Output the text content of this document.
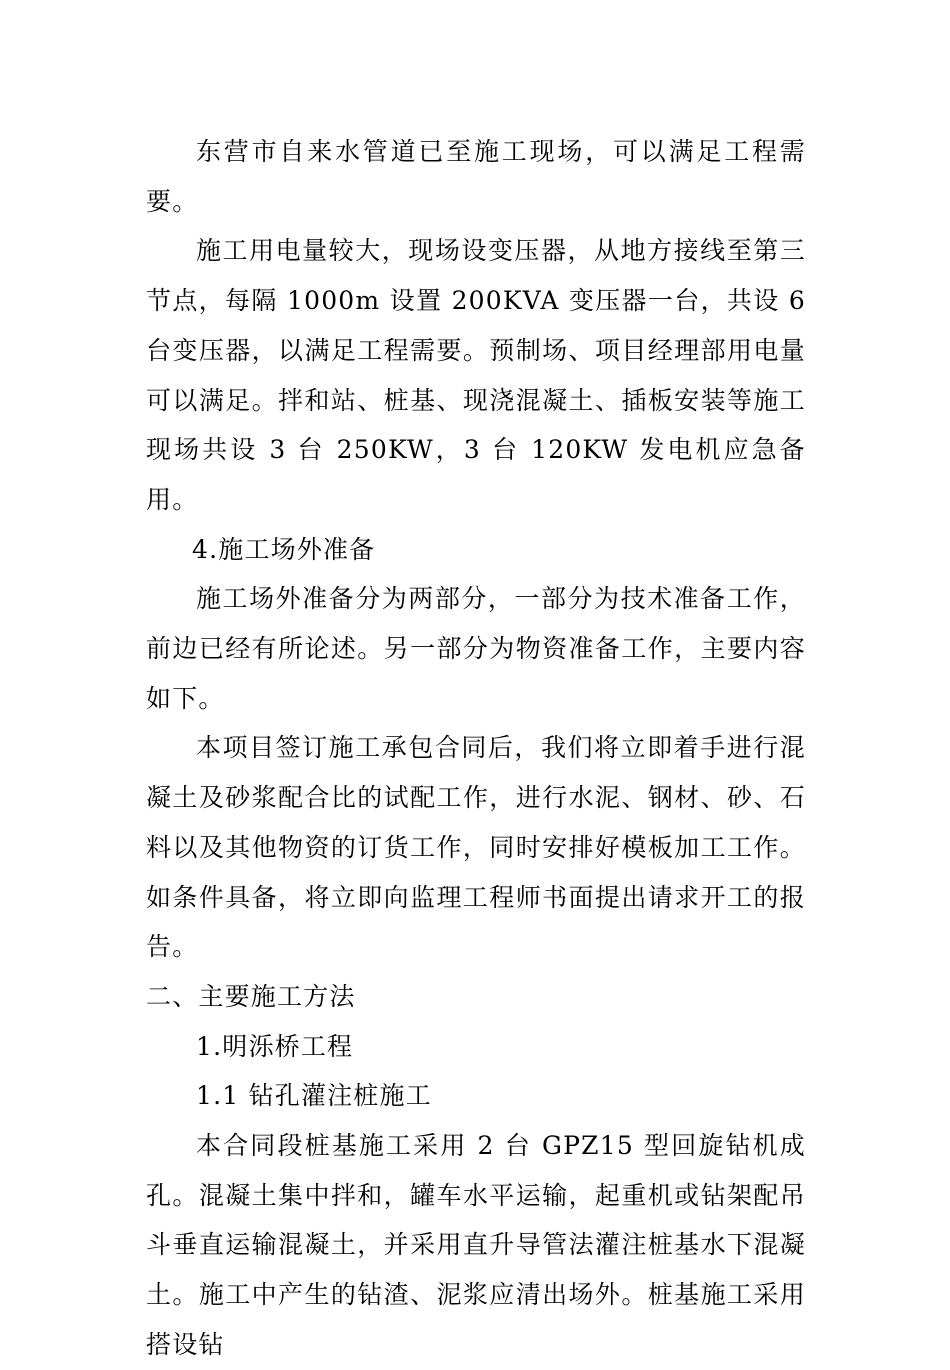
东营市自来水管道已至施工现场，可以满足工程需要。

施工用电量较大，现场设变压器，从地方接线至第三节点，每隔 1000m 设置 200KVA 变压器一台，共设 6 台变压器，以满足工程需要。预制场、项目经理部用电量可以满足。拌和站、桩基、现浇混凝土、插板安装等施工现场共设 3 台 250KW，3 台 120KW 发电机应急备用。

4.施工场外准备

施工场外准备分为两部分，一部分为技术准备工作，前边已经有所论述。另一部分为物资准备工作，主要内容如下。

本项目签订施工承包合同后，我们将立即着手进行混凝土及砂浆配合比的试配工作，进行水泥、钢材、砂、石料以及其他物资的订货工作，同时安排好模板加工工作。如条件具备，将立即向监理工程师书面提出请求开工的报告。

二、主要施工方法

1.明泺桥工程

1.1 钻孔灌注桩施工

本合同段桩基施工采用 2 台 GPZ15 型回旋钻机成孔。混凝土集中拌和，罐车水平运输，起重机或钻架配吊斗垂直运输混凝土，并采用直升导管法灌注桩基水下混凝土。施工中产生的钻渣、泥浆应清出场外。桩基施工采用搭设钻
